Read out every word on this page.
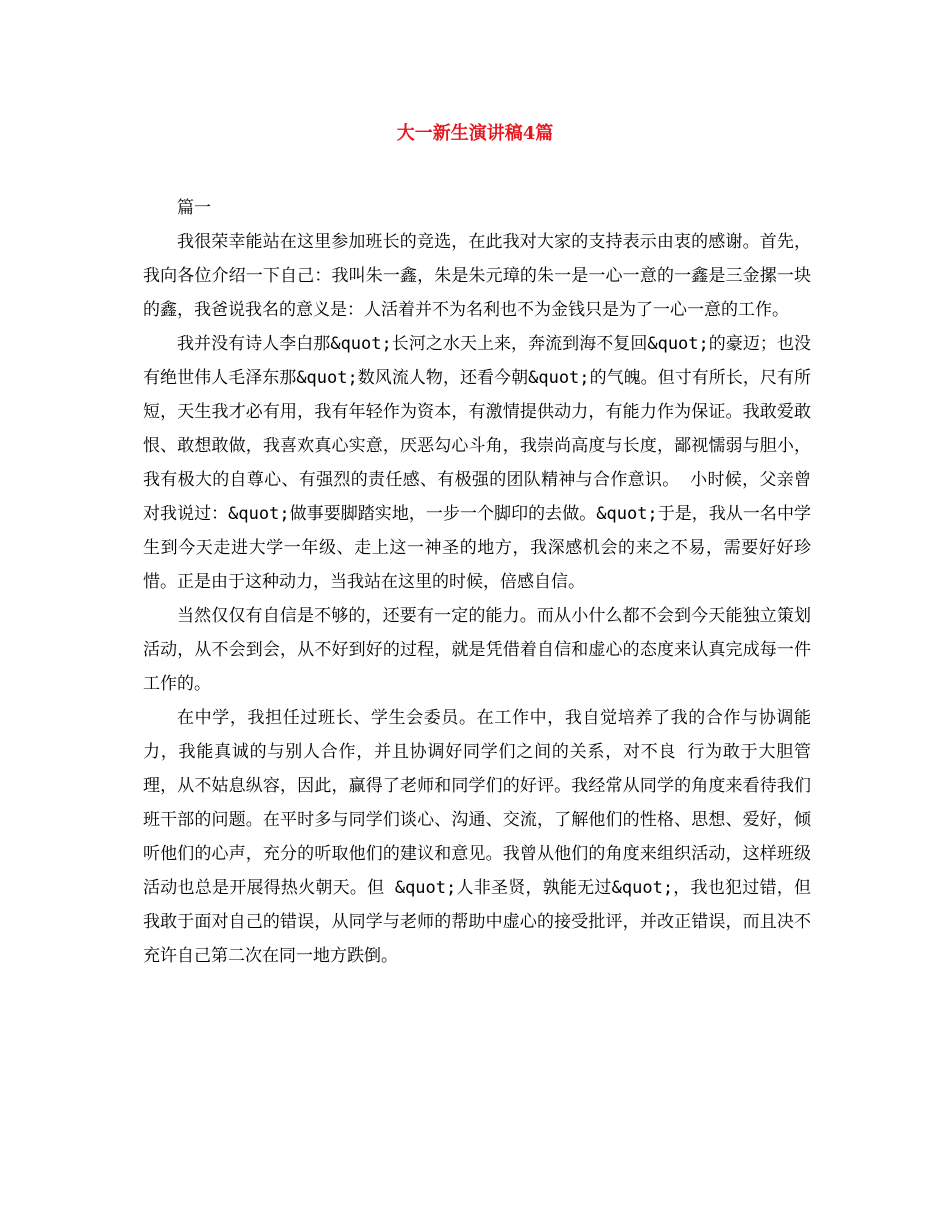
大一新生演讲稿4篇

篇一

我很荣幸能站在这里参加班长的竞选，在此我对大家的支持表示由衷的感谢。首先，我向各位介绍一下自己：我叫朱一鑫，朱是朱元璋的朱一是一心一意的一鑫是三金摞一块的鑫，我爸说我名的意义是：人活着并不为名利也不为金钱只是为了一心一意的工作。

我并没有诗人李白那&quot;长河之水天上来，奔流到海不复回&quot;的豪迈；也没有绝世伟人毛泽东那&quot;数风流人物，还看今朝&quot;的气魄。但寸有所长，尺有所短，天生我才必有用，我有年轻作为资本，有激情提供动力，有能力作为保证。我敢爱敢恨、敢想敢做，我喜欢真心实意，厌恶勾心斗角，我崇尚高度与长度，鄙视懦弱与胆小，我有极大的自尊心、有强烈的责任感、有极强的团队精神与合作意识。 小时候，父亲曾对我说过：&quot;做事要脚踏实地，一步一个脚印的去做。&quot;于是，我从一名中学生到今天走进大学一年级、走上这一神圣的地方，我深感机会的来之不易，需要好好珍惜。正是由于这种动力，当我站在这里的时候，倍感自信。

当然仅仅有自信是不够的，还要有一定的能力。而从小什么都不会到今天能独立策划活动，从不会到会，从不好到好的过程，就是凭借着自信和虚心的态度来认真完成每一件工作的。

在中学，我担任过班长、学生会委员。在工作中，我自觉培养了我的合作与协调能力，我能真诚的与别人合作，并且协调好同学们之间的关系，对不良 行为敢于大胆管理，从不姑息纵容，因此，赢得了老师和同学们的好评。我经常从同学的角度来看待我们班干部的问题。在平时多与同学们谈心、沟通、交流，了解他们的性格、思想、爱好，倾听他们的心声，充分的听取他们的建议和意见。我曾从他们的角度来组织活动，这样班级活动也总是开展得热火朝天。但 &quot;人非圣贤，孰能无过&quot;，我也犯过错，但我敢于面对自己的错误，从同学与老师的帮助中虚心的接受批评，并改正错误，而且决不充许自己第二次在同一地方跌倒。
